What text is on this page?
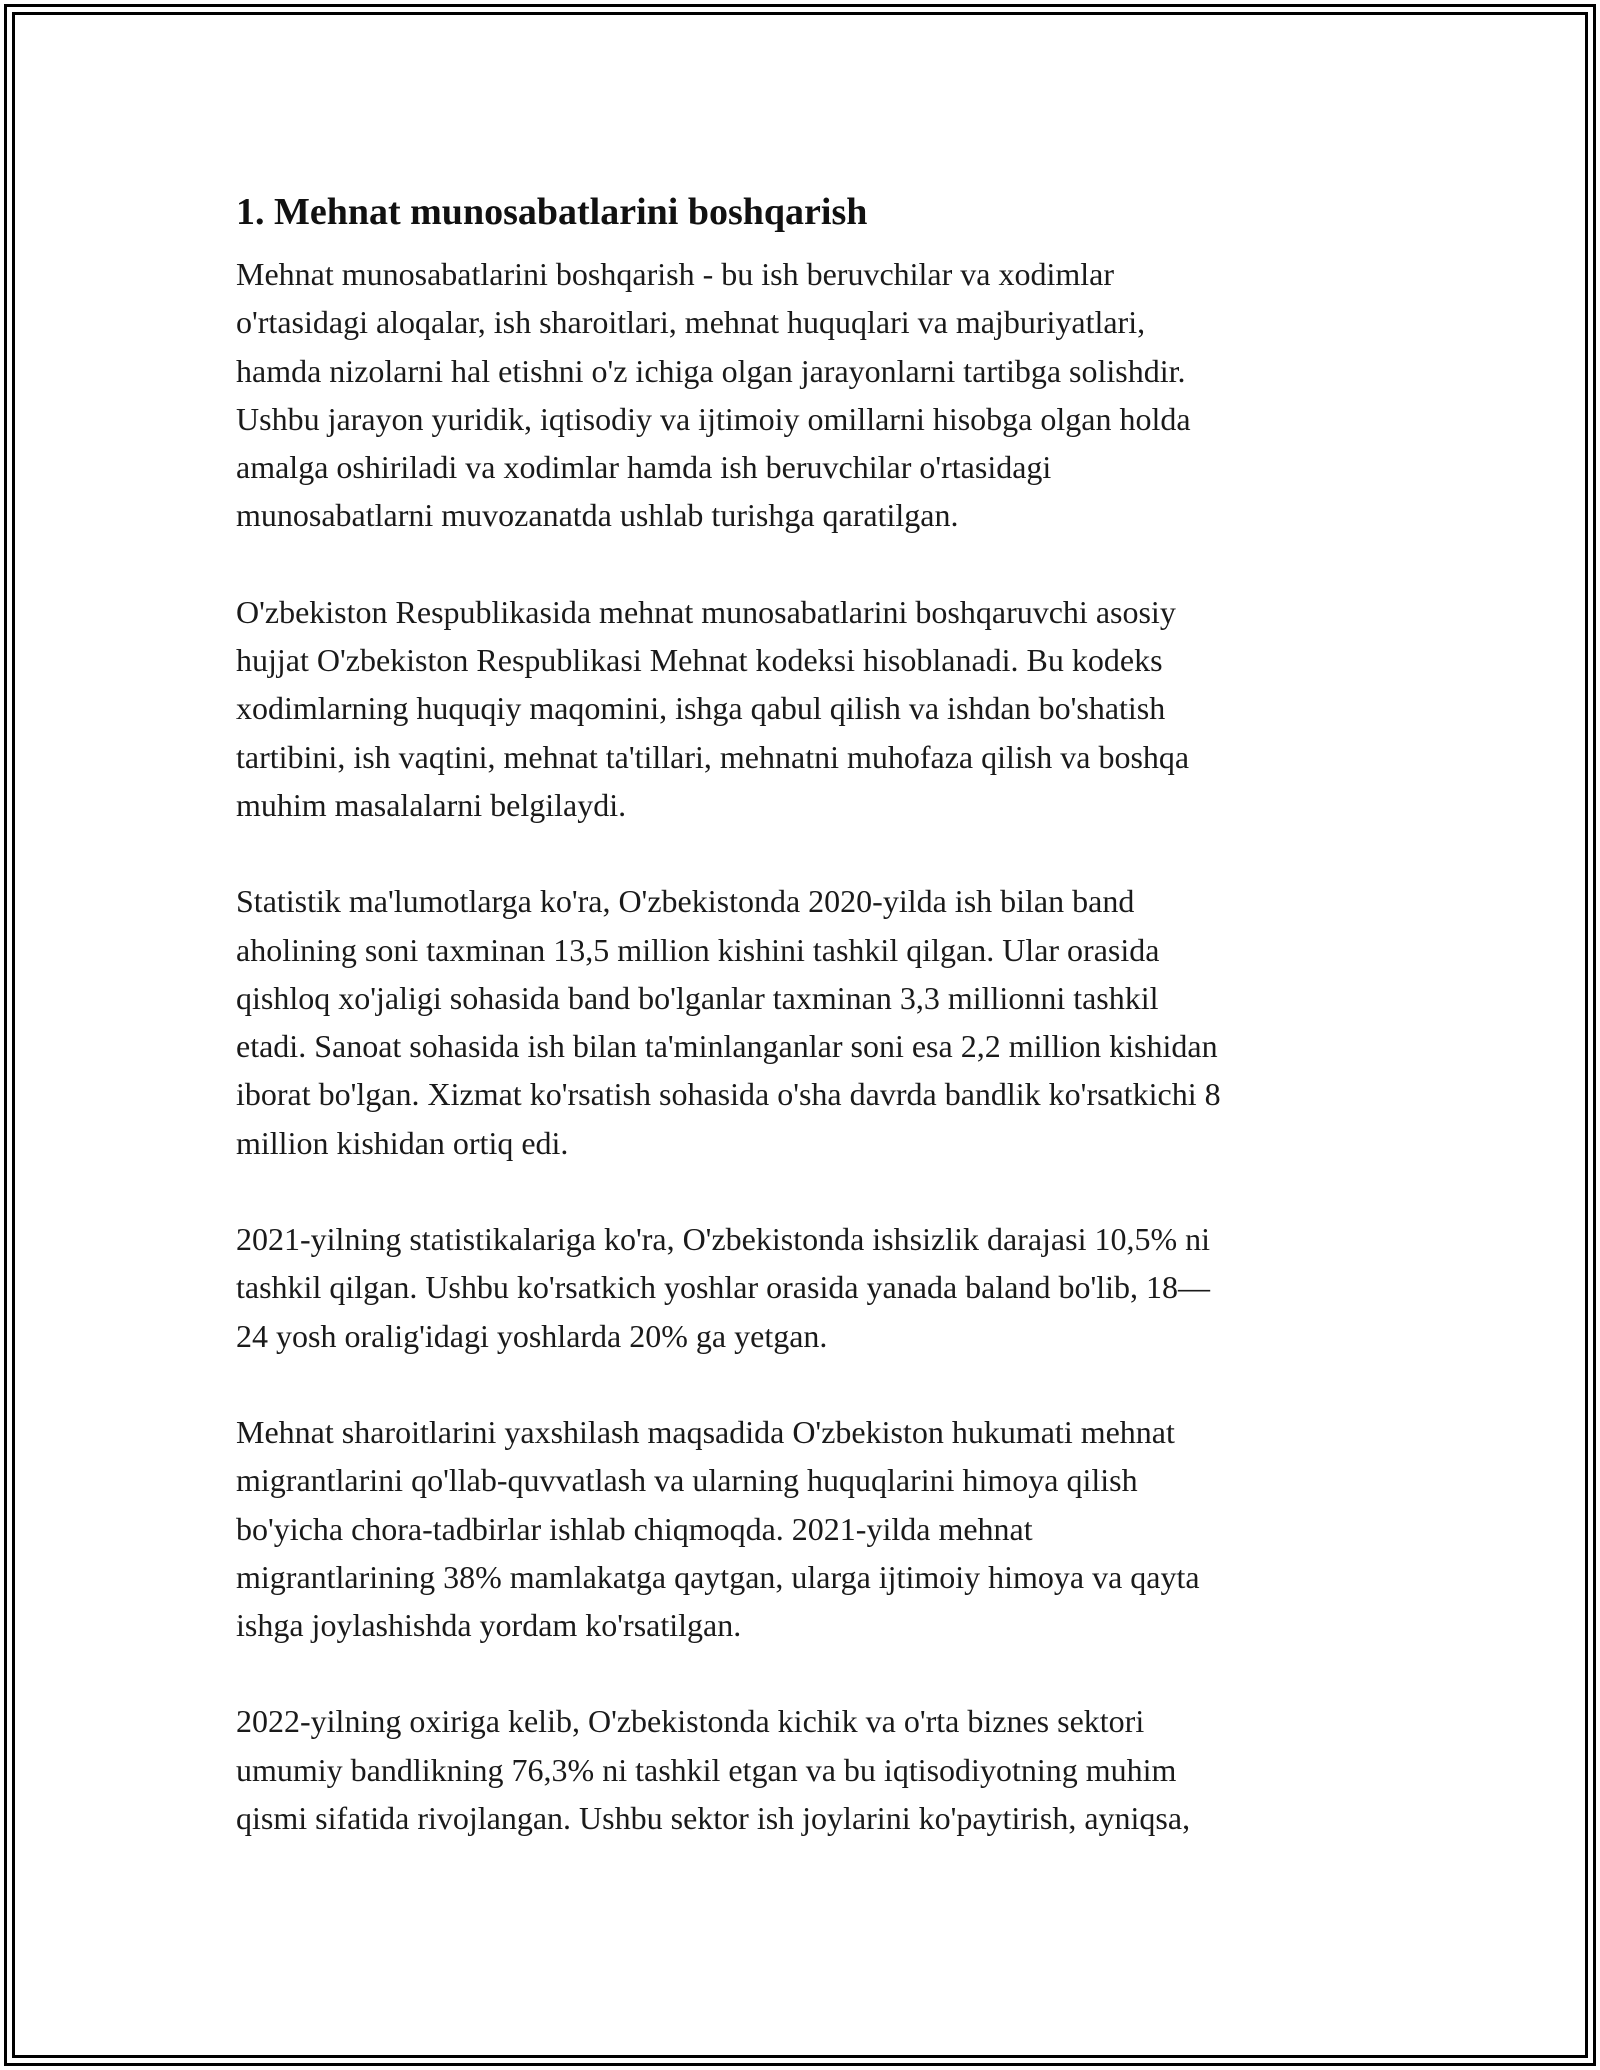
1. Mehnat munosabatlarini boshqarish
Mehnat munosabatlarini boshqarish - bu ish beruvchilar va xodimlar
o'rtasidagi aloqalar, ish sharoitlari, mehnat huquqlari va majburiyatlari,
hamda nizolarni hal etishni o'z ichiga olgan jarayonlarni tartibga solishdir.
Ushbu jarayon yuridik, iqtisodiy va ijtimoiy omillarni hisobga olgan holda
amalga oshiriladi va xodimlar hamda ish beruvchilar o'rtasidagi
munosabatlarni muvozanatda ushlab turishga qaratilgan.
O'zbekiston Respublikasida mehnat munosabatlarini boshqaruvchi asosiy
hujjat O'zbekiston Respublikasi Mehnat kodeksi hisoblanadi. Bu kodeks
xodimlarning huquqiy maqomini, ishga qabul qilish va ishdan bo'shatish
tartibini, ish vaqtini, mehnat ta'tillari, mehnatni muhofaza qilish va boshqa
muhim masalalarni belgilaydi.
Statistik ma'lumotlarga ko'ra, O'zbekistonda 2020-yilda ish bilan band
aholining soni taxminan 13,5 million kishini tashkil qilgan. Ular orasida
qishloq xo'jaligi sohasida band bo'lganlar taxminan 3,3 millionni tashkil
etadi. Sanoat sohasida ish bilan ta'minlanganlar soni esa 2,2 million kishidan
iborat bo'lgan. Xizmat ko'rsatish sohasida o'sha davrda bandlik ko'rsatkichi 8
million kishidan ortiq edi.
2021-yilning statistikalariga ko'ra, O'zbekistonda ishsizlik darajasi 10,5% ni
tashkil qilgan. Ushbu ko'rsatkich yoshlar orasida yanada baland bo'lib, 18—
24 yosh oralig'idagi yoshlarda 20% ga yetgan.
Mehnat sharoitlarini yaxshilash maqsadida O'zbekiston hukumati mehnat
migrantlarini qo'llab-quvvatlash va ularning huquqlarini himoya qilish
bo'yicha chora-tadbirlar ishlab chiqmoqda. 2021-yilda mehnat
migrantlarining 38% mamlakatga qaytgan, ularga ijtimoiy himoya va qayta
ishga joylashishda yordam ko'rsatilgan.
2022-yilning oxiriga kelib, O'zbekistonda kichik va o'rta biznes sektori
umumiy bandlikning 76,3% ni tashkil etgan va bu iqtisodiyotning muhim
qismi sifatida rivojlangan. Ushbu sektor ish joylarini ko'paytirish, ayniqsa,
